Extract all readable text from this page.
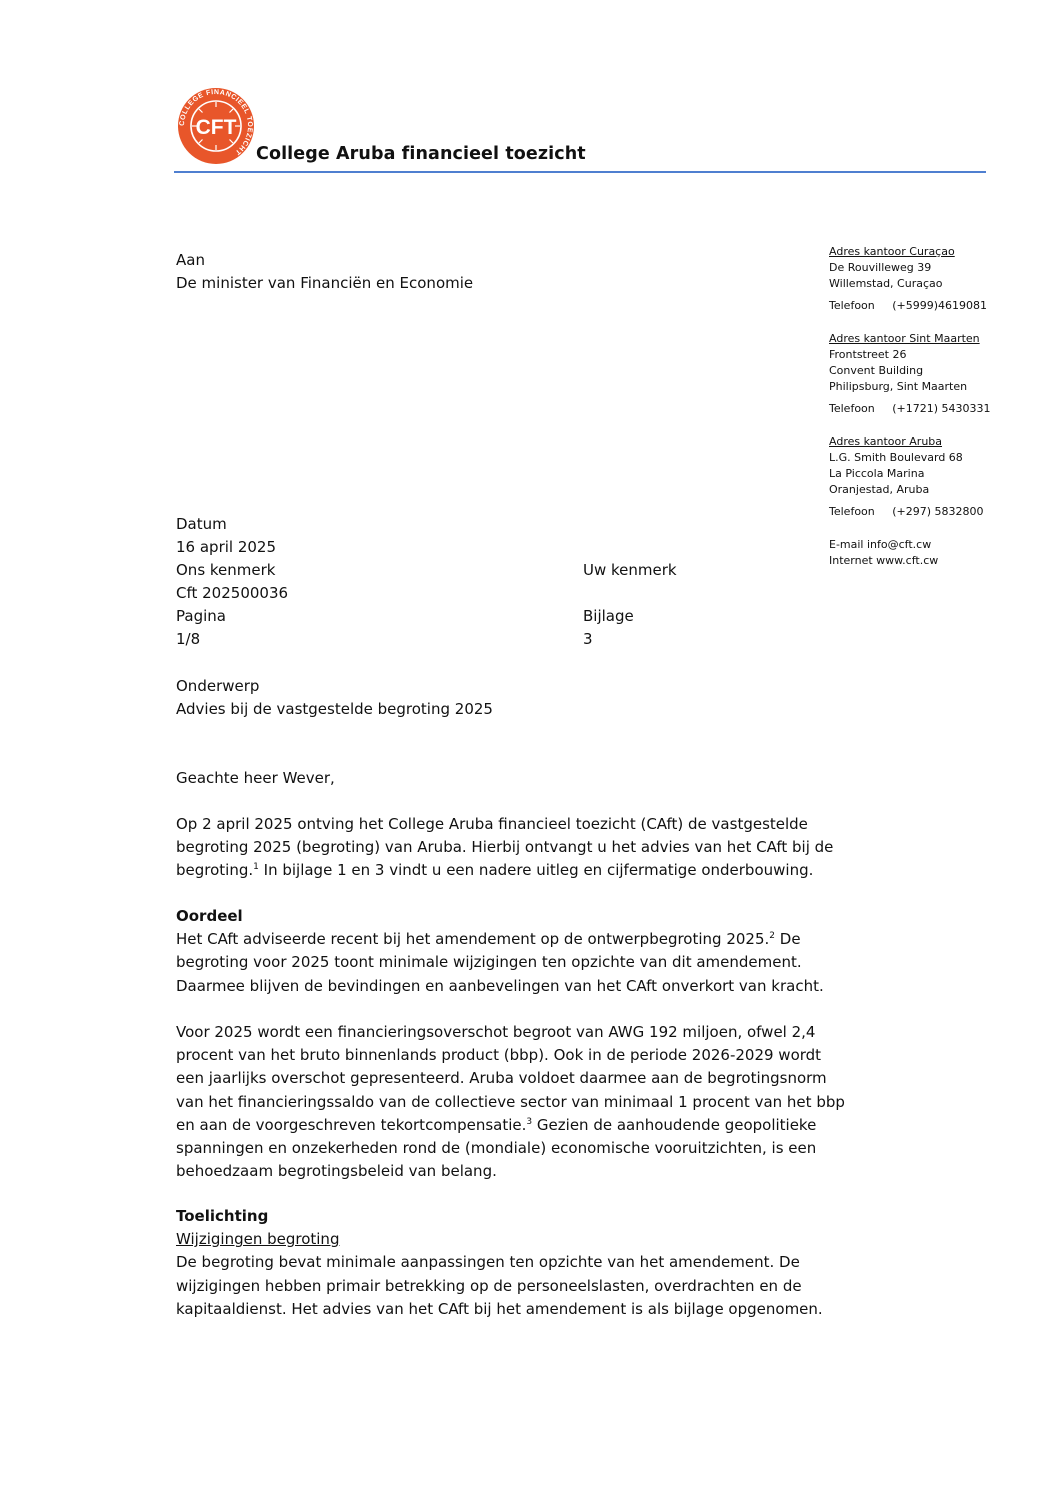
COLLEGE FINANCIEEL TOEZICHT
CFT
College Aruba financieel toezicht
Aan
De minister van Financiën en Economie
Adres kantoor Curaçao
De Rouvilleweg 39
Willemstad, Curaçao
Telefoon     (+5999)4619081
Adres kantoor Sint Maarten
Frontstreet 26
Convent Building
Philipsburg, Sint Maarten
Telefoon     (+1721) 5430331
Adres kantoor Aruba
L.G. Smith Boulevard 68
La Piccola Marina
Oranjestad, Aruba
Telefoon     (+297) 5832800
E-mail info@cft.cw
Internet www.cft.cw
Datum
16 april 2025
Ons kenmerk
Cft 202500036
Pagina
1/8
Uw kenmerk
Bijlage
3
Onderwerp
Advies bij de vastgestelde begroting 2025
Geachte heer Wever,
Op 2 april 2025 ontving het College Aruba financieel toezicht (CAft) de vastgestelde
begroting 2025 (begroting) van Aruba. Hierbij ontvangt u het advies van het CAft bij de
begroting.$^1$ In bijlage 1 en 3 vindt u een nadere uitleg en cijfermatige onderbouwing.
Oordeel
Het CAft adviseerde recent bij het amendement op de ontwerpbegroting 2025.$^2$ De
begroting voor 2025 toont minimale wijzigingen ten opzichte van dit amendement.
Daarmee blijven de bevindingen en aanbevelingen van het CAft onverkort van kracht.
Voor 2025 wordt een financieringsoverschot begroot van AWG 192 miljoen, ofwel 2,4
procent van het bruto binnenlands product (bbp). Ook in de periode 2026-2029 wordt
een jaarlijks overschot gepresenteerd. Aruba voldoet daarmee aan de begrotingsnorm
van het financieringssaldo van de collectieve sector van minimaal 1 procent van het bbp
en aan de voorgeschreven tekortcompensatie.$^3$ Gezien de aanhoudende geopolitieke
spanningen en onzekerheden rond de (mondiale) economische vooruitzichten, is een
behoedzaam begrotingsbeleid van belang.
Toelichting
Wijzigingen begroting
De begroting bevat minimale aanpassingen ten opzichte van het amendement. De
wijzigingen hebben primair betrekking op de personeelslasten, overdrachten en de
kapitaaldienst. Het advies van het CAft bij het amendement is als bijlage opgenomen.
